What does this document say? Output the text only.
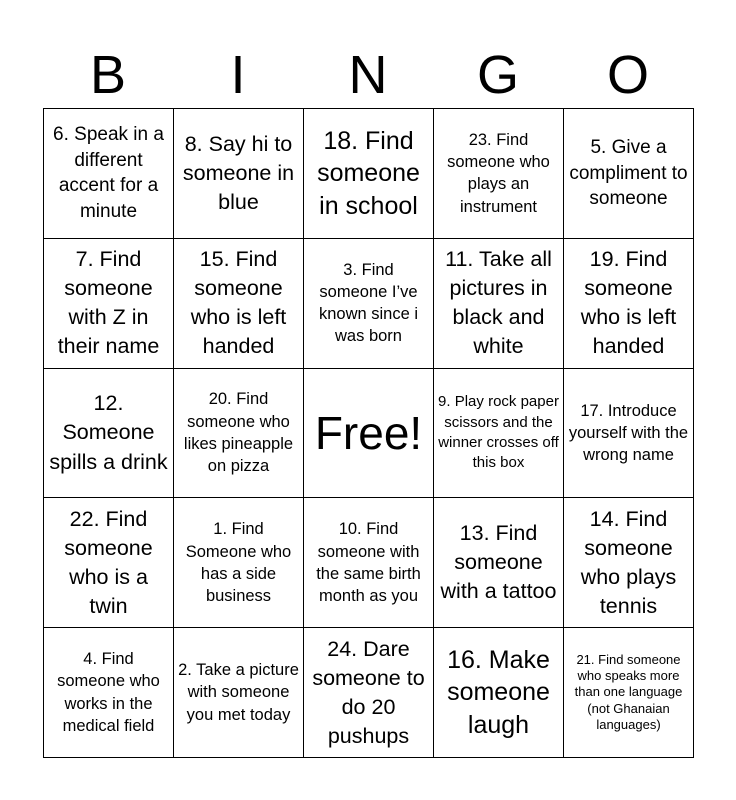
B	I	N	G	O
6. Speak in a different accent for a minute
8. Say hi to someone in blue
18. Find someone in school
23. Find someone who plays an instrument
5. Give a compliment to someone
7. Find someone with Z in their name
15. Find someone who is left handed
3. Find someone I’ve known since i was born
11. Take all pictures in black and white
19. Find someone who is left handed
12. Someone spills a drink
20. Find someone who likes pineapple on pizza
Free!
9. Play rock paper scissors and the winner crosses off this box
17. Introduce yourself with the wrong name
22. Find someone who is a twin
1. Find Someone who has a side business
10. Find someone with the same birth month as you
13. Find someone with a tattoo
14. Find someone who plays tennis
4. Find someone who works in the medical field
2. Take a picture with someone you met today
24. Dare someone to do 20 pushups
16. Make someone laugh
21. Find someone who speaks more than one language (not Ghanaian languages)
